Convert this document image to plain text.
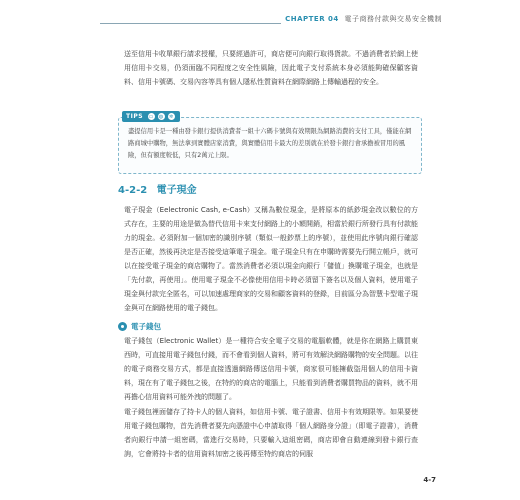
CHAPTER 04 電子商務付款與交易安全機制

送至信用卡收單銀行請求授權，只要經過許可，商店便可向銀行取得貨款。不過消費者於網上使用信用卡交易，仍須面臨不同程度之安全性風險，因此電子支付系統本身必須能夠確保顧客資料、信用卡號碼、交易內容等具有個人隱私性質資料在網際網路上傳輸過程的安全。

TIPS ▭ ◍ ✲

盡提信用卡是一種由發卡銀行提供消費者一組十六碼卡號與有效期限為網路消費的支付工具，僅能在網路商城中購物，無法拿到實體店家消費，與實體信用卡最大的差別就在於發卡銀行會承擔被冒用的風險，但有額度較低，只有2萬元上限。

4-2-2 電子現金

電子現金（Eelectronic Cash, e-Cash）又稱為數位現金，是將原本的紙鈔現金改以數位的方式存在，主要的用途是做為替代信用卡來支付網路上的小額開銷，相當於銀行所發行具有付款能力的現金。必須附加一個加密的識別序號（類似一般鈔票上的序號），並使用此序號向銀行確認是否正確，然後再決定是否接受這筆電子現金。電子現金只有在申購時需要先行開立帳戶，就可以在接受電子現金的商店購物了。當然消費者必須以現金向銀行「儲值」換購電子現金，也就是「先付款，再使用」。使用電子現金不必像使用信用卡時必須留下簽名以及個人資料，使用電子現金與付款完全匿名，可以加速處理商家的交易和顧客資料的登錄，目前區分為智慧卡型電子現金與可在網路使用的電子錢包。

電子錢包

電子錢包（Electronic Wallet）是一種符合安全電子交易的電腦軟體，就是你在網路上購買東西時，可直接用電子錢包付錢，而不會看到個人資料，將可有效解決網路購物的安全問題。以往的電子商務交易方式，都是直接透過網路傳送信用卡號，商家很可能擁截盜用個人的信用卡資料，現在有了電子錢包之後，在特約的商店的電腦上，只能看到消費者購買物品的資料，就不用再擔心信用資料可能外洩的問題了。

電子錢包裡面儲存了持卡人的個人資料，如信用卡號、電子證書、信用卡有效期限等。如果要使用電子錢包購物，首先消費者要先向憑證中心申請取得「個人網路身分證」（即電子證書），消費者向銀行申請一組密碼，當進行交易時，只要輸入這組密碼，商店即會自動連線到發卡銀行查詢，它會將持卡者的信用資料加密之後再傳至特約商店的伺服

4-7
